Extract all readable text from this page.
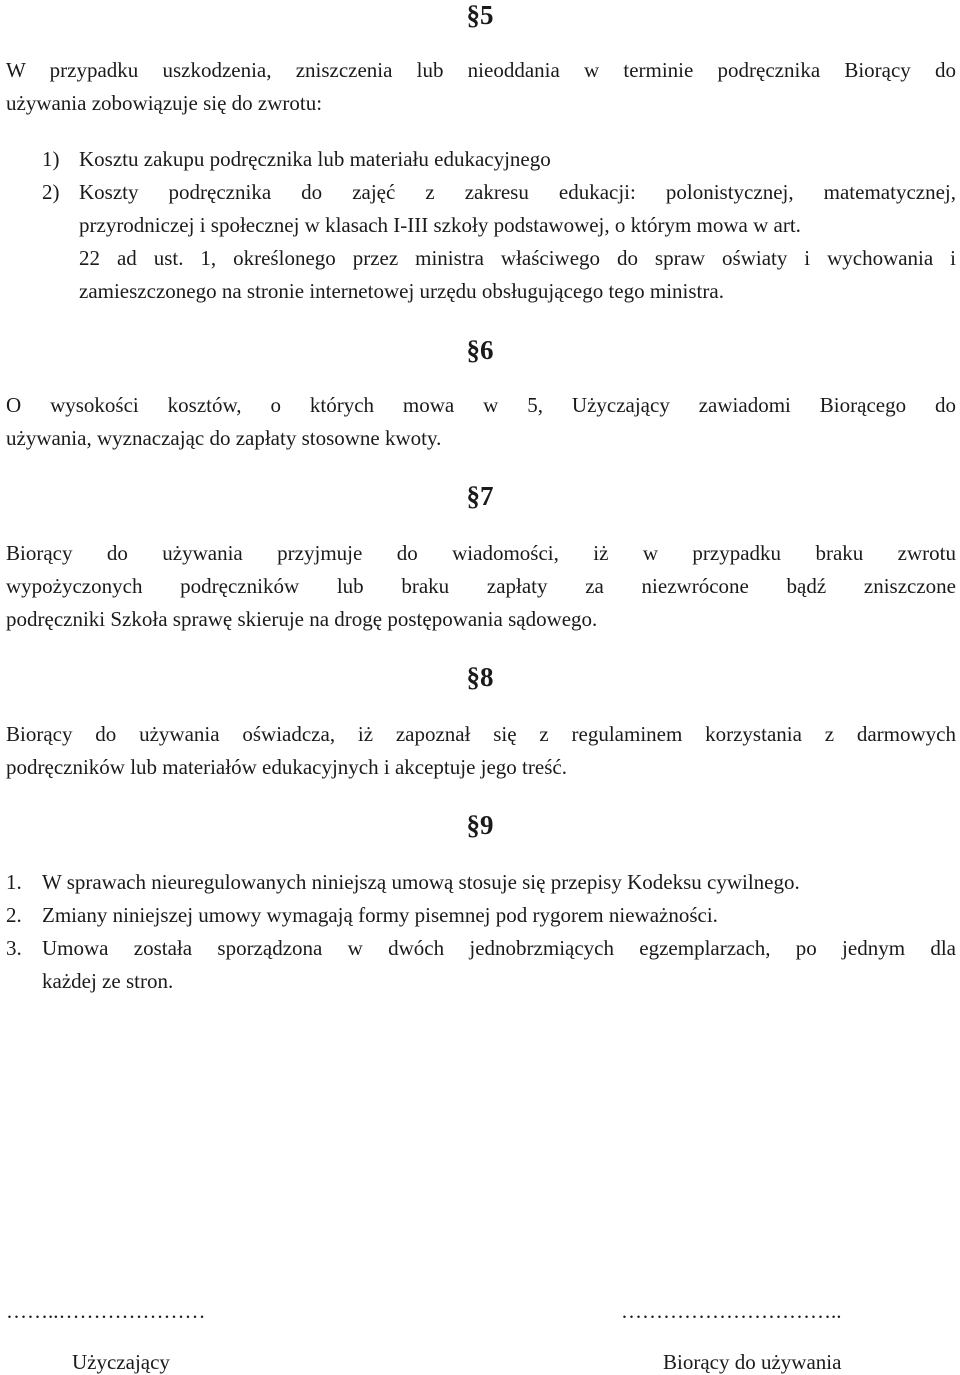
§5
W przypadku uszkodzenia, zniszczenia lub nieoddania w terminie podręcznika Biorący do
używania zobowiązuje się do zwrotu:
1) Kosztu zakupu podręcznika lub materiału edukacyjnego
2) Koszty podręcznika do zajęć z zakresu edukacji: polonistycznej, matematycznej,
przyrodniczej i społecznej w klasach I-III szkoły podstawowej, o którym mowa w art.
22 ad ust. 1, określonego przez ministra właściwego do spraw oświaty i wychowania i
zamieszczonego na stronie internetowej urzędu obsługującego tego ministra.
§6
O wysokości kosztów, o których mowa w 5, Użyczający zawiadomi Biorącego do
używania, wyznaczając do zapłaty stosowne kwoty.
§7
Biorący do używania przyjmuje do wiadomości, iż w przypadku braku zwrotu
wypożyczonych podręczników lub braku zapłaty za niezwrócone bądź zniszczone
podręczniki Szkoła sprawę skieruje na drogę postępowania sądowego.
§8
Biorący do używania oświadcza, iż zapoznał się z regulaminem korzystania z darmowych
podręczników lub materiałów edukacyjnych i akceptuje jego treść.
§9
1. W sprawach nieuregulowanych niniejszą umową stosuje się przepisy Kodeksu cywilnego.
2. Zmiany niniejszej umowy wymagają formy pisemnej pod rygorem nieważności.
3. Umowa została sporządzona w dwóch jednobrzmiących egzemplarzach, po jednym dla
każdej ze stron.
……..…………………	…………………………..
Użyczający	Biorący do używania
